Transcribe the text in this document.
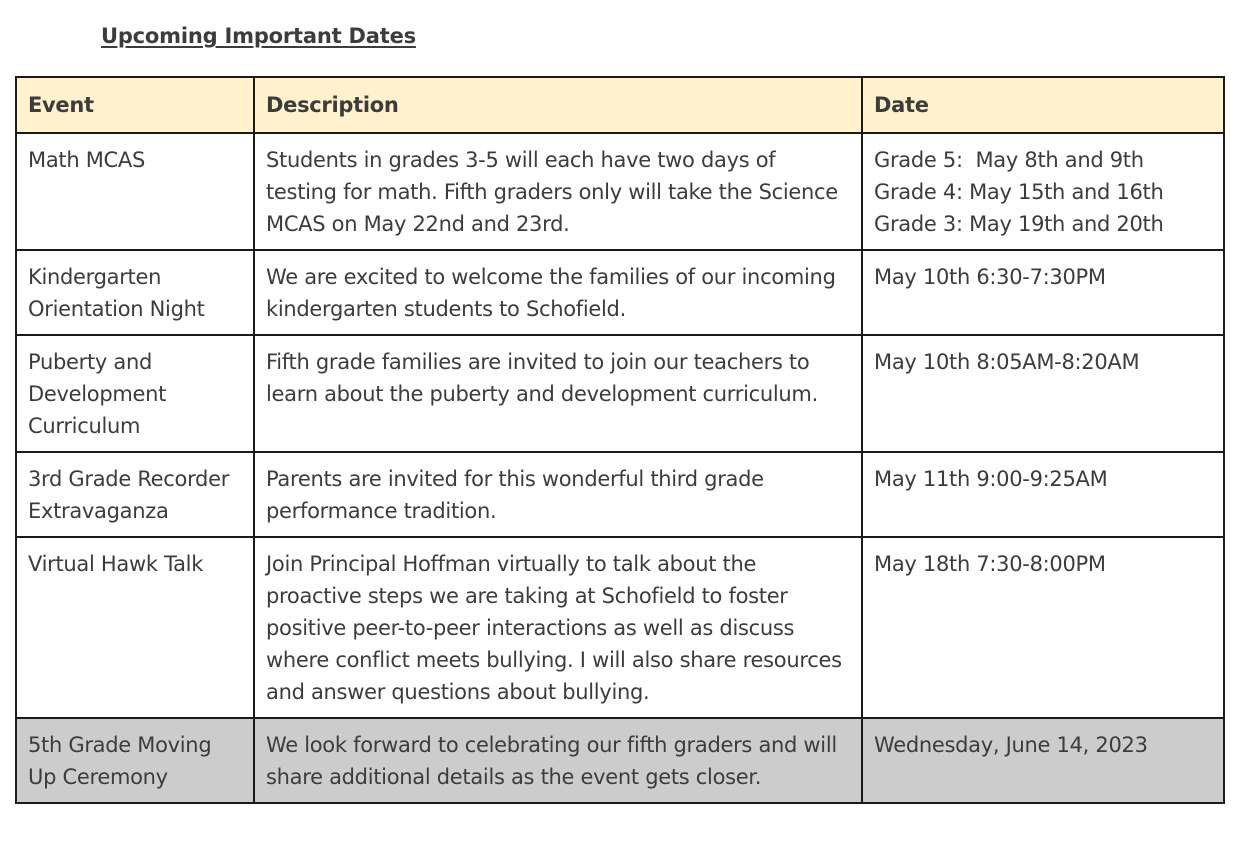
Upcoming Important Dates
Event	Description	Date
Math MCAS	Students in grades 3-5 will each have two days of testing for math. Fifth graders only will take the Science MCAS on May 22nd and 23rd.	Grade 5:  May 8th and 9th
Grade 4: May 15th and 16th
Grade 3: May 19th and 20th

Kindergarten Orientation Night	We are excited to welcome the families of our incoming kindergarten students to Schofield.	May 10th 6:30-7:30PM
Puberty and Development Curriculum	Fifth grade families are invited to join our teachers to learn about the puberty and development curriculum.	May 10th 8:05AM-8:20AM
3rd Grade Recorder Extravaganza	Parents are invited for this wonderful third grade performance tradition.	May 11th 9:00-9:25AM
Virtual Hawk Talk	Join Principal Hoffman virtually to talk about the proactive steps we are taking at Schofield to foster positive peer-to-peer interactions as well as discuss where conflict meets bullying. I will also share resources and answer questions about bullying.	May 18th 7:30-8:00PM
5th Grade Moving Up Ceremony	We look forward to celebrating our fifth graders and will share additional details as the event gets closer.	Wednesday, June 14, 2023
